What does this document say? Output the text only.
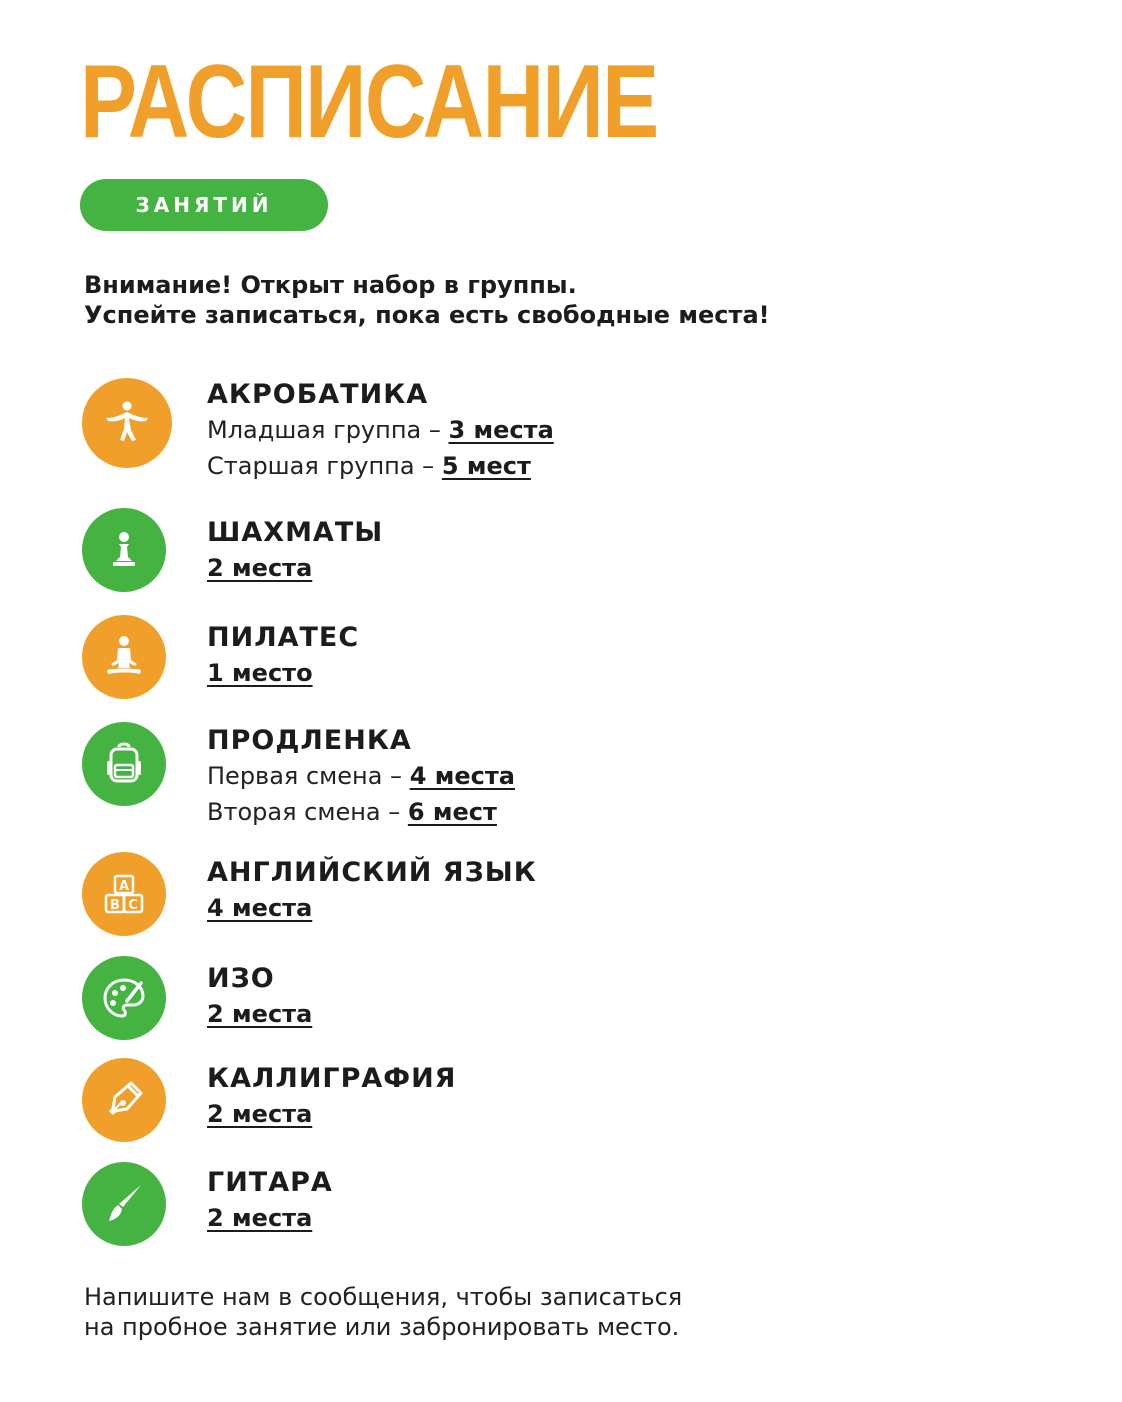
РАСПИСАНИЕ
ЗАНЯТИЙ
Внимание! Открыт набор в группы.
Успейте записаться, пока есть свободные места!
АКРОБАТИКА
Младшая группа – 3 места
Старшая группа – 5 мест
ШАХМАТЫ
2 места
ПИЛАТЕС
1 место
ПРОДЛЕНКА
Первая смена – 4 места
Вторая смена – 6 мест
A
B C
АНГЛИЙСКИЙ ЯЗЫК
4 места
ИЗО
2 места
КАЛЛИГРАФИЯ
2 места
ГИТАРА
2 места
Напишите нам в сообщения, чтобы записаться
на пробное занятие или забронировать место.
